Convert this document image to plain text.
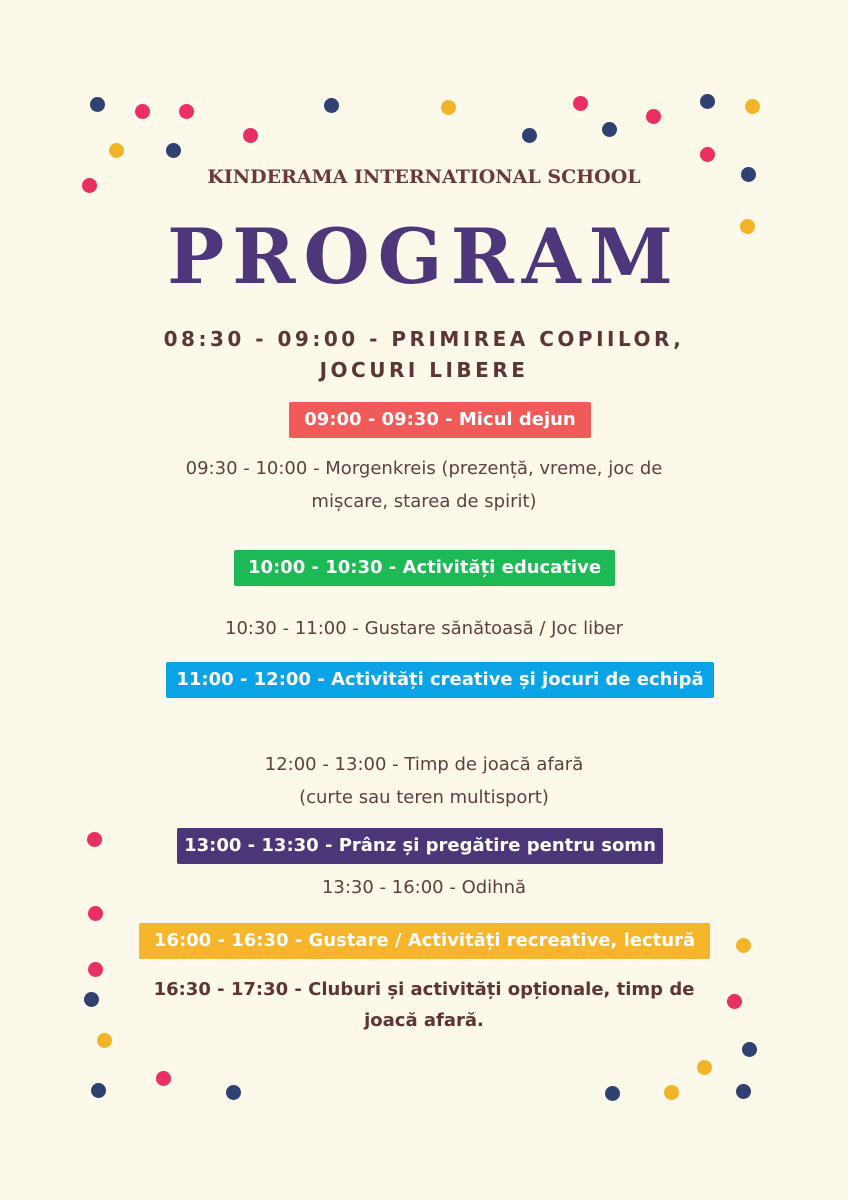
KINDERAMA INTERNATIONAL SCHOOL
PROGRAM
08:30 - 09:00 - PRIMIREA COPIILOR,
JOCURI LIBERE
09:00 - 09:30 - Micul dejun
09:30 - 10:00 - Morgenkreis (prezență, vreme, joc de
mișcare, starea de spirit)
10:00 - 10:30 - Activități educative
10:30 - 11:00 - Gustare sănătoasă / Joc liber
11:00 - 12:00 - Activități creative și jocuri de echipă
12:00 - 13:00 - Timp de joacă afară
(curte sau teren multisport)
13:00 - 13:30 - Prânz și pregătire pentru somn
13:30 - 16:00 - Odihnă
16:00 - 16:30 - Gustare / Activități recreative, lectură
16:30 - 17:30 - Cluburi și activități opționale, timp de
joacă afară.
